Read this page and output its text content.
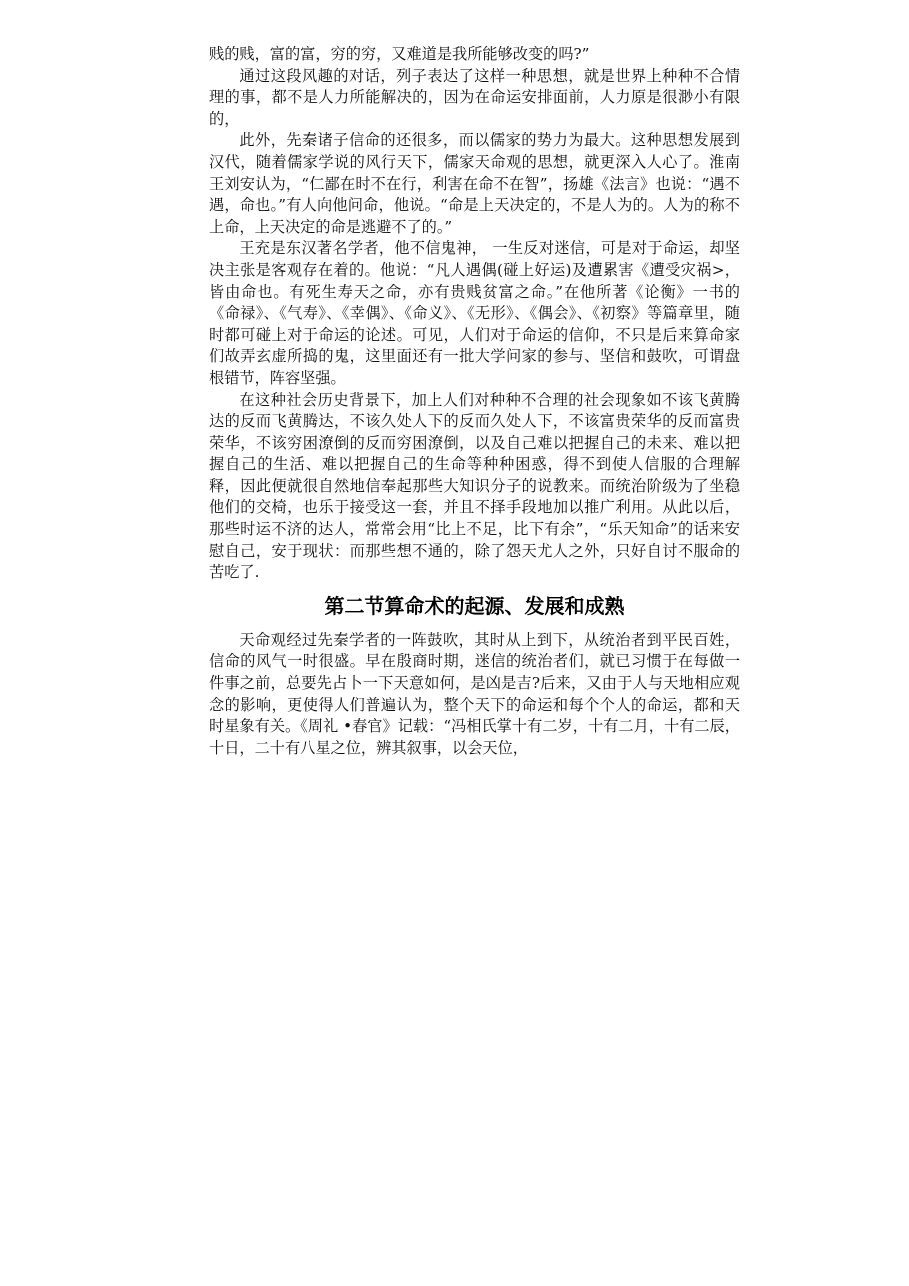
贱的贱，富的富，穷的穷，又难道是我所能够改变的吗?”

通过这段风趣的对话，列子表达了这样一种思想，就是世界上种种不合情理的事，都不是人力所能解决的，因为在命运安排面前，人力原是很渺小有限的，

此外，先秦诸子信命的还很多，而以儒家的势力为最大。这种思想发展到汉代，随着儒家学说的风行天下，儒家天命观的思想，就更深入人心了。淮南王刘安认为，“仁鄙在时不在行，利害在命不在智”，扬雄《法言》也说：“遇不遇，命也。”有人向他问命，他说。“命是上天决定的，不是人为的。人为的称不上命，上天决定的命是逃避不了的。”

王充是东汉著名学者，他不信鬼神， 一生反对迷信，可是对于命运，却坚决主张是客观存在着的。他说：“凡人遇偶(碰上好运)及遭累害《遭受灾祸>，皆由命也。有死生寿天之命，亦有贵贱贫富之命。”在他所著《论衡》一书的《命禄》、《气寿》、《幸偶》、《命义》、《无形》、《偶会》、《初察》等篇章里，随时都可碰上对于命运的论述。可见，人们对于命运的信仰，不只是后来算命家们故弄玄虚所捣的鬼，这里面还有一批大学问家的参与、坚信和鼓吹，可谓盘根错节，阵容坚强。

在这种社会历史背景下，加上人们对种种不合理的社会现象如不该飞黄腾达的反而飞黄腾达，不该久处人下的反而久处人下，不该富贵荣华的反而富贵荣华，不该穷困潦倒的反而穷困潦倒，以及自己难以把握自己的未来、难以把握自己的生活、难以把握自己的生命等种种困惑，得不到使人信服的合理解释，因此便就很自然地信奉起那些大知识分子的说教来。而统治阶级为了坐稳他们的交椅，也乐于接受这一套，并且不择手段地加以推广利用。从此以后，那些时运不济的达人，常常会用“比上不足，比下有余”，“乐天知命”的话来安慰自己，安于现状：而那些想不通的，除了怨天尤人之外，只好自讨不服命的苦吃了.

第二节算命术的起源、发展和成熟

天命观经过先秦学者的一阵鼓吹，其时从上到下，从统治者到平民百姓，信命的风气一时很盛。早在殷商时期，迷信的统治者们，就已习惯于在每做一件事之前，总要先占卜一下天意如何，是凶是吉?后来，又由于人与天地相应观念的影响，更使得人们普遍认为，整个天下的命运和每个个人的命运，都和天时星象有关。《周礼 •春官》记载：“冯相氏掌十有二岁，十有二月，十有二辰，十日，二十有八星之位，辨其叙事，以会天位，
